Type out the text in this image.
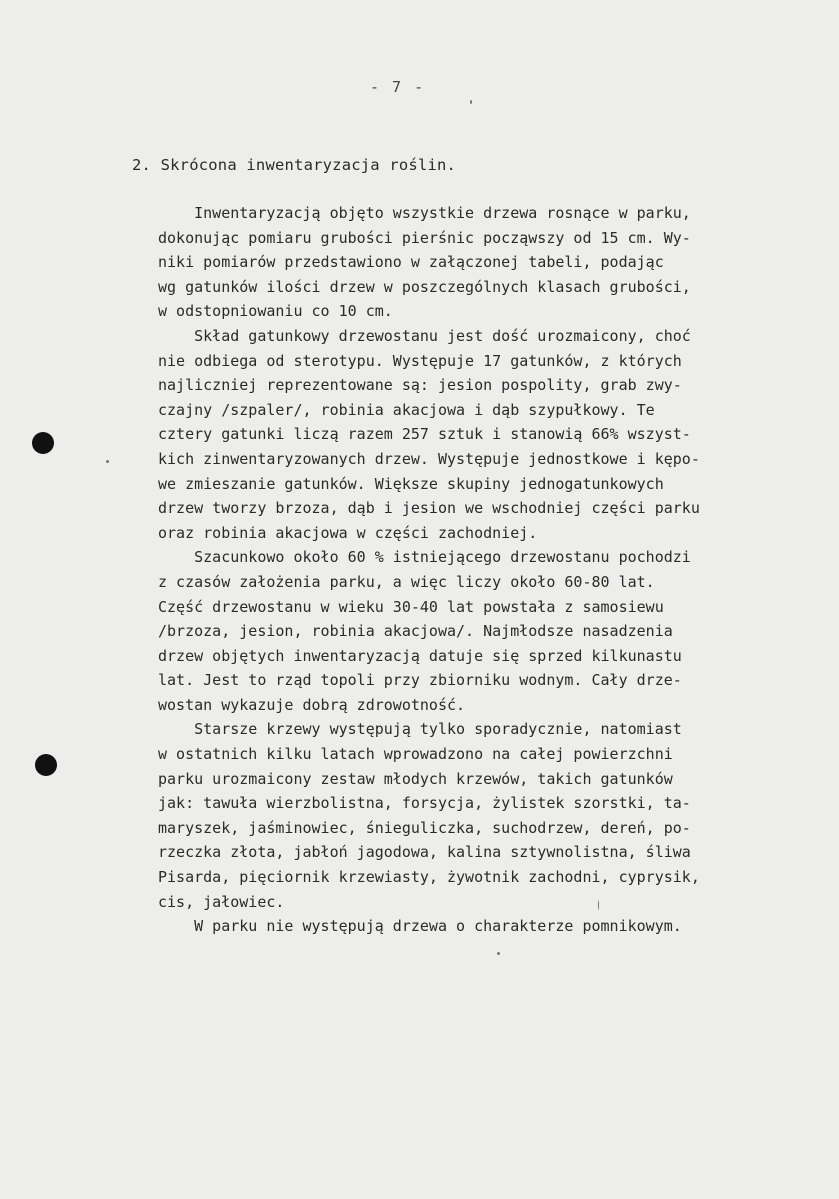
- 7 -
2. Skrócona inwentaryzacja roślin.
Inwentaryzacją objęto wszystkie drzewa rosnące w parku,
dokonując pomiaru grubości pierśnic począwszy od 15 cm. Wy-
niki pomiarów przedstawiono w załączonej tabeli, podając
wg gatunków ilości drzew w poszczególnych klasach grubości,
w odstopniowaniu co 10 cm.
Skład gatunkowy drzewostanu jest dość urozmaicony, choć
nie odbiega od sterotypu. Występuje 17 gatunków, z których
najliczniej reprezentowane są: jesion pospolity, grab zwy-
czajny /szpaler/, robinia akacjowa i dąb szypułkowy. Te
cztery gatunki liczą razem 257 sztuk i stanowią 66% wszyst-
kich zinwentaryzowanych drzew. Występuje jednostkowe i kępo-
we zmieszanie gatunków. Większe skupiny jednogatunkowych
drzew tworzy brzoza, dąb i jesion we wschodniej części parku
oraz robinia akacjowa w części zachodniej.
Szacunkowo około 60 % istniejącego drzewostanu pochodzi
z czasów założenia parku, a więc liczy około 60-80 lat.
Część drzewostanu w wieku 30-40 lat powstała z samosiewu
/brzoza, jesion, robinia akacjowa/. Najmłodsze nasadzenia
drzew objętych inwentaryzacją datuje się sprzed kilkunastu
lat. Jest to rząd topoli przy zbiorniku wodnym. Cały drze-
wostan wykazuje dobrą zdrowotność.
Starsze krzewy występują tylko sporadycznie, natomiast
w ostatnich kilku latach wprowadzono na całej powierzchni
parku urozmaicony zestaw młodych krzewów, takich gatunków
jak: tawuła wierzbolistna, forsycja, żylistek szorstki, ta-
maryszek, jaśminowiec, śnieguliczka, suchodrzew, dereń, po-
rzeczka złota, jabłoń jagodowa, kalina sztywnolistna, śliwa
Pisarda, pięciornik krzewiasty, żywotnik zachodni, cyprysik,
cis, jałowiec.
W parku nie występują drzewa o charakterze pomnikowym.
